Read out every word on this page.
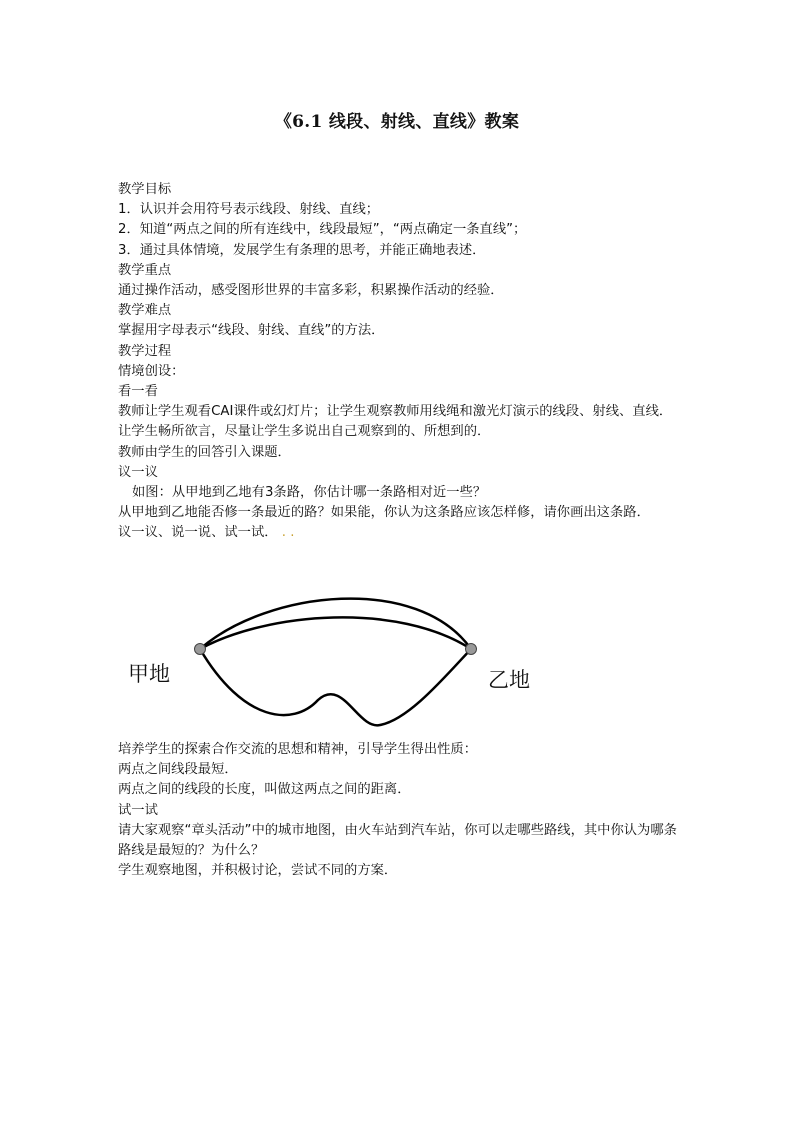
《6.1 线段、射线、直线》教案
教学目标
1．认识并会用符号表示线段、射线、直线；
2．知道“两点之间的所有连线中，线段最短”，“两点确定一条直线”；
3．通过具体情境，发展学生有条理的思考，并能正确地表述．
教学重点
通过操作活动，感受图形世界的丰富多彩，积累操作活动的经验．
教学难点
掌握用字母表示“线段、射线、直线”的方法．
教学过程
情境创设：
看一看
教师让学生观看CAI课件或幻灯片；让学生观察教师用线绳和激光灯演示的线段、射线、直线．
让学生畅所欲言，尽量让学生多说出自己观察到的、所想到的．
教师由学生的回答引入课题．
议一议
如图：从甲地到乙地有3条路，你估计哪一条路相对近一些？
从甲地到乙地能否修一条最近的路？如果能，你认为这条路应该怎样修，请你画出这条路．
议一议、说一说、试一试． . .
甲地	乙地
培养学生的探索合作交流的思想和精神，引导学生得出性质：
两点之间线段最短．
两点之间的线段的长度，叫做这两点之间的距离．
试一试
请大家观察“章头活动”中的城市地图，由火车站到汽车站，你可以走哪些路线，其中你认为哪条路线是最短的？为什么？
学生观察地图，并积极讨论，尝试不同的方案．
